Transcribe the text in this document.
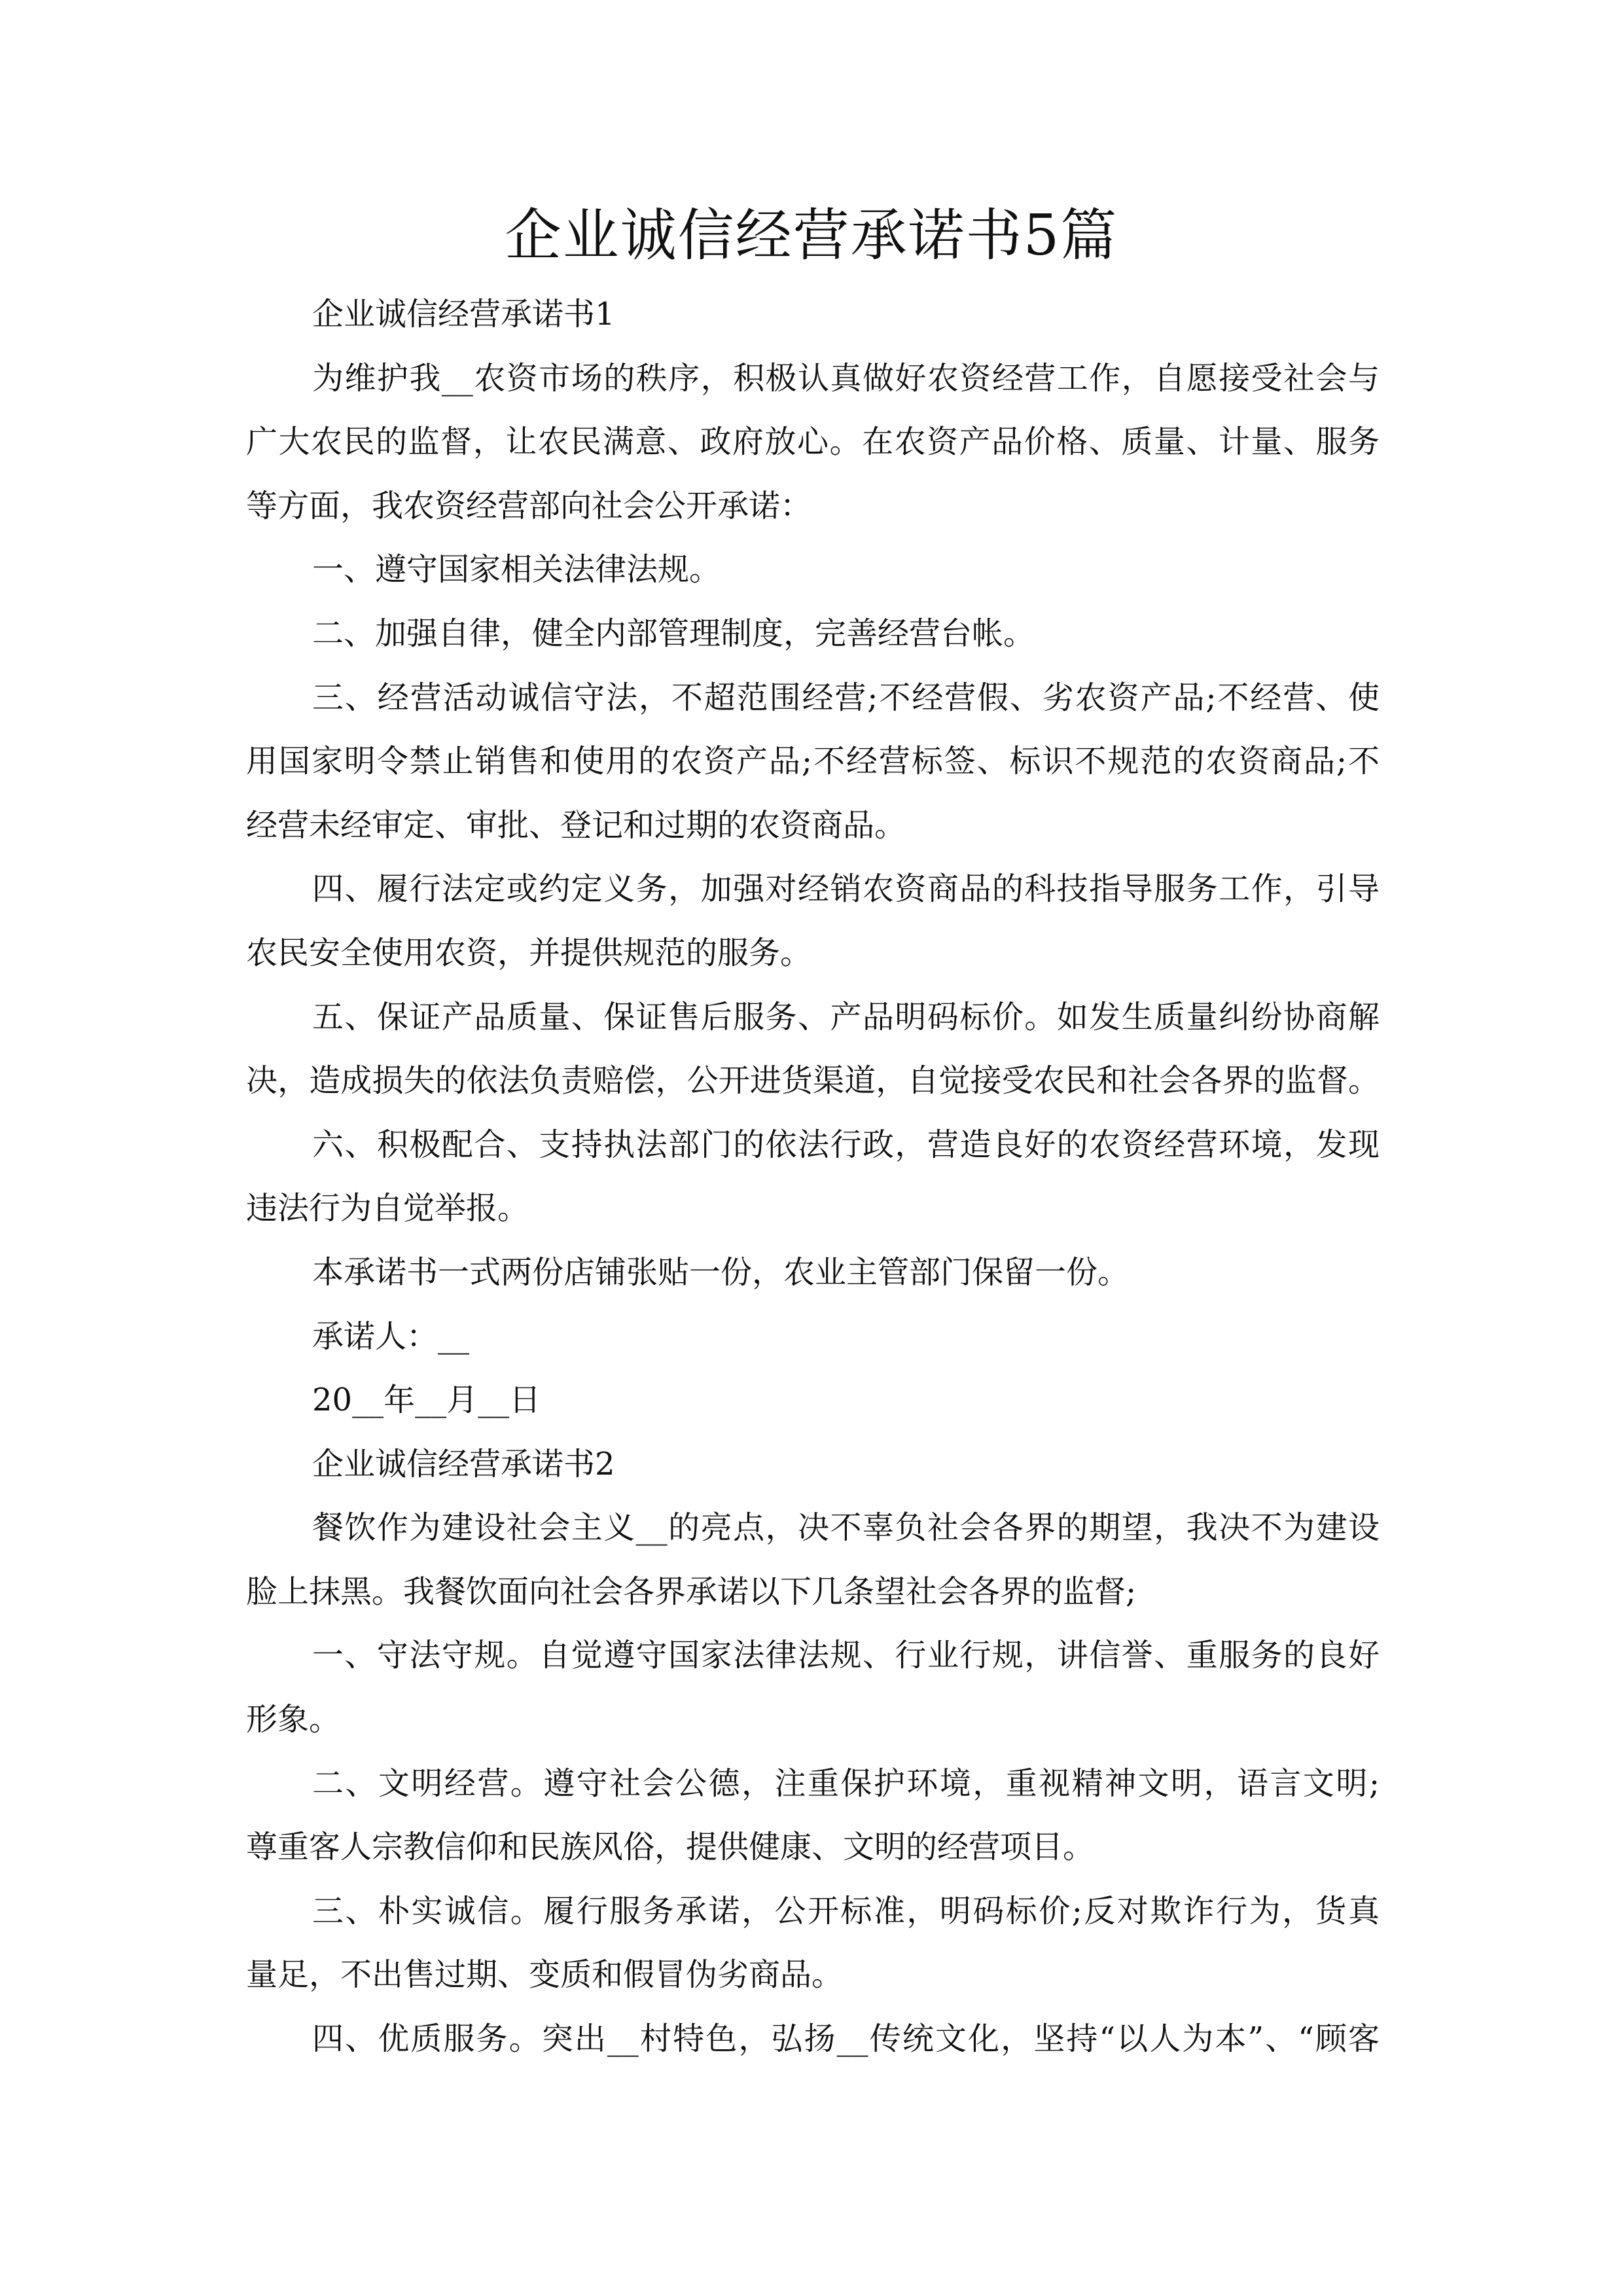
企业诚信经营承诺书5篇
企业诚信经营承诺书1
为维护我__农资市场的秩序，积极认真做好农资经营工作，自愿接受社会与
广大农民的监督，让农民满意、政府放心。在农资产品价格、质量、计量、服务
等方面，我农资经营部向社会公开承诺：
一、遵守国家相关法律法规。
二、加强自律，健全内部管理制度，完善经营台帐。
三、经营活动诚信守法，不超范围经营;不经营假、劣农资产品;不经营、使
用国家明令禁止销售和使用的农资产品;不经营标签、标识不规范的农资商品;不
经营未经审定、审批、登记和过期的农资商品。
四、履行法定或约定义务，加强对经销农资商品的科技指导服务工作，引导
农民安全使用农资，并提供规范的服务。
五、保证产品质量、保证售后服务、产品明码标价。如发生质量纠纷协商解
决，造成损失的依法负责赔偿，公开进货渠道，自觉接受农民和社会各界的监督。
六、积极配合、支持执法部门的依法行政，营造良好的农资经营环境，发现
违法行为自觉举报。
本承诺书一式两份店铺张贴一份，农业主管部门保留一份。
承诺人：__
20__年__月__日
企业诚信经营承诺书2
餐饮作为建设社会主义__的亮点，决不辜负社会各界的期望，我决不为建设
脸上抹黑。我餐饮面向社会各界承诺以下几条望社会各界的监督;
一、守法守规。自觉遵守国家法律法规、行业行规，讲信誉、重服务的良好
形象。
二、文明经营。遵守社会公德，注重保护环境，重视精神文明，语言文明;
尊重客人宗教信仰和民族风俗，提供健康、文明的经营项目。
三、朴实诚信。履行服务承诺，公开标准，明码标价;反对欺诈行为，货真
量足，不出售过期、变质和假冒伪劣商品。
四、优质服务。突出__村特色，弘扬__传统文化，坚持“以人为本”、“顾客
